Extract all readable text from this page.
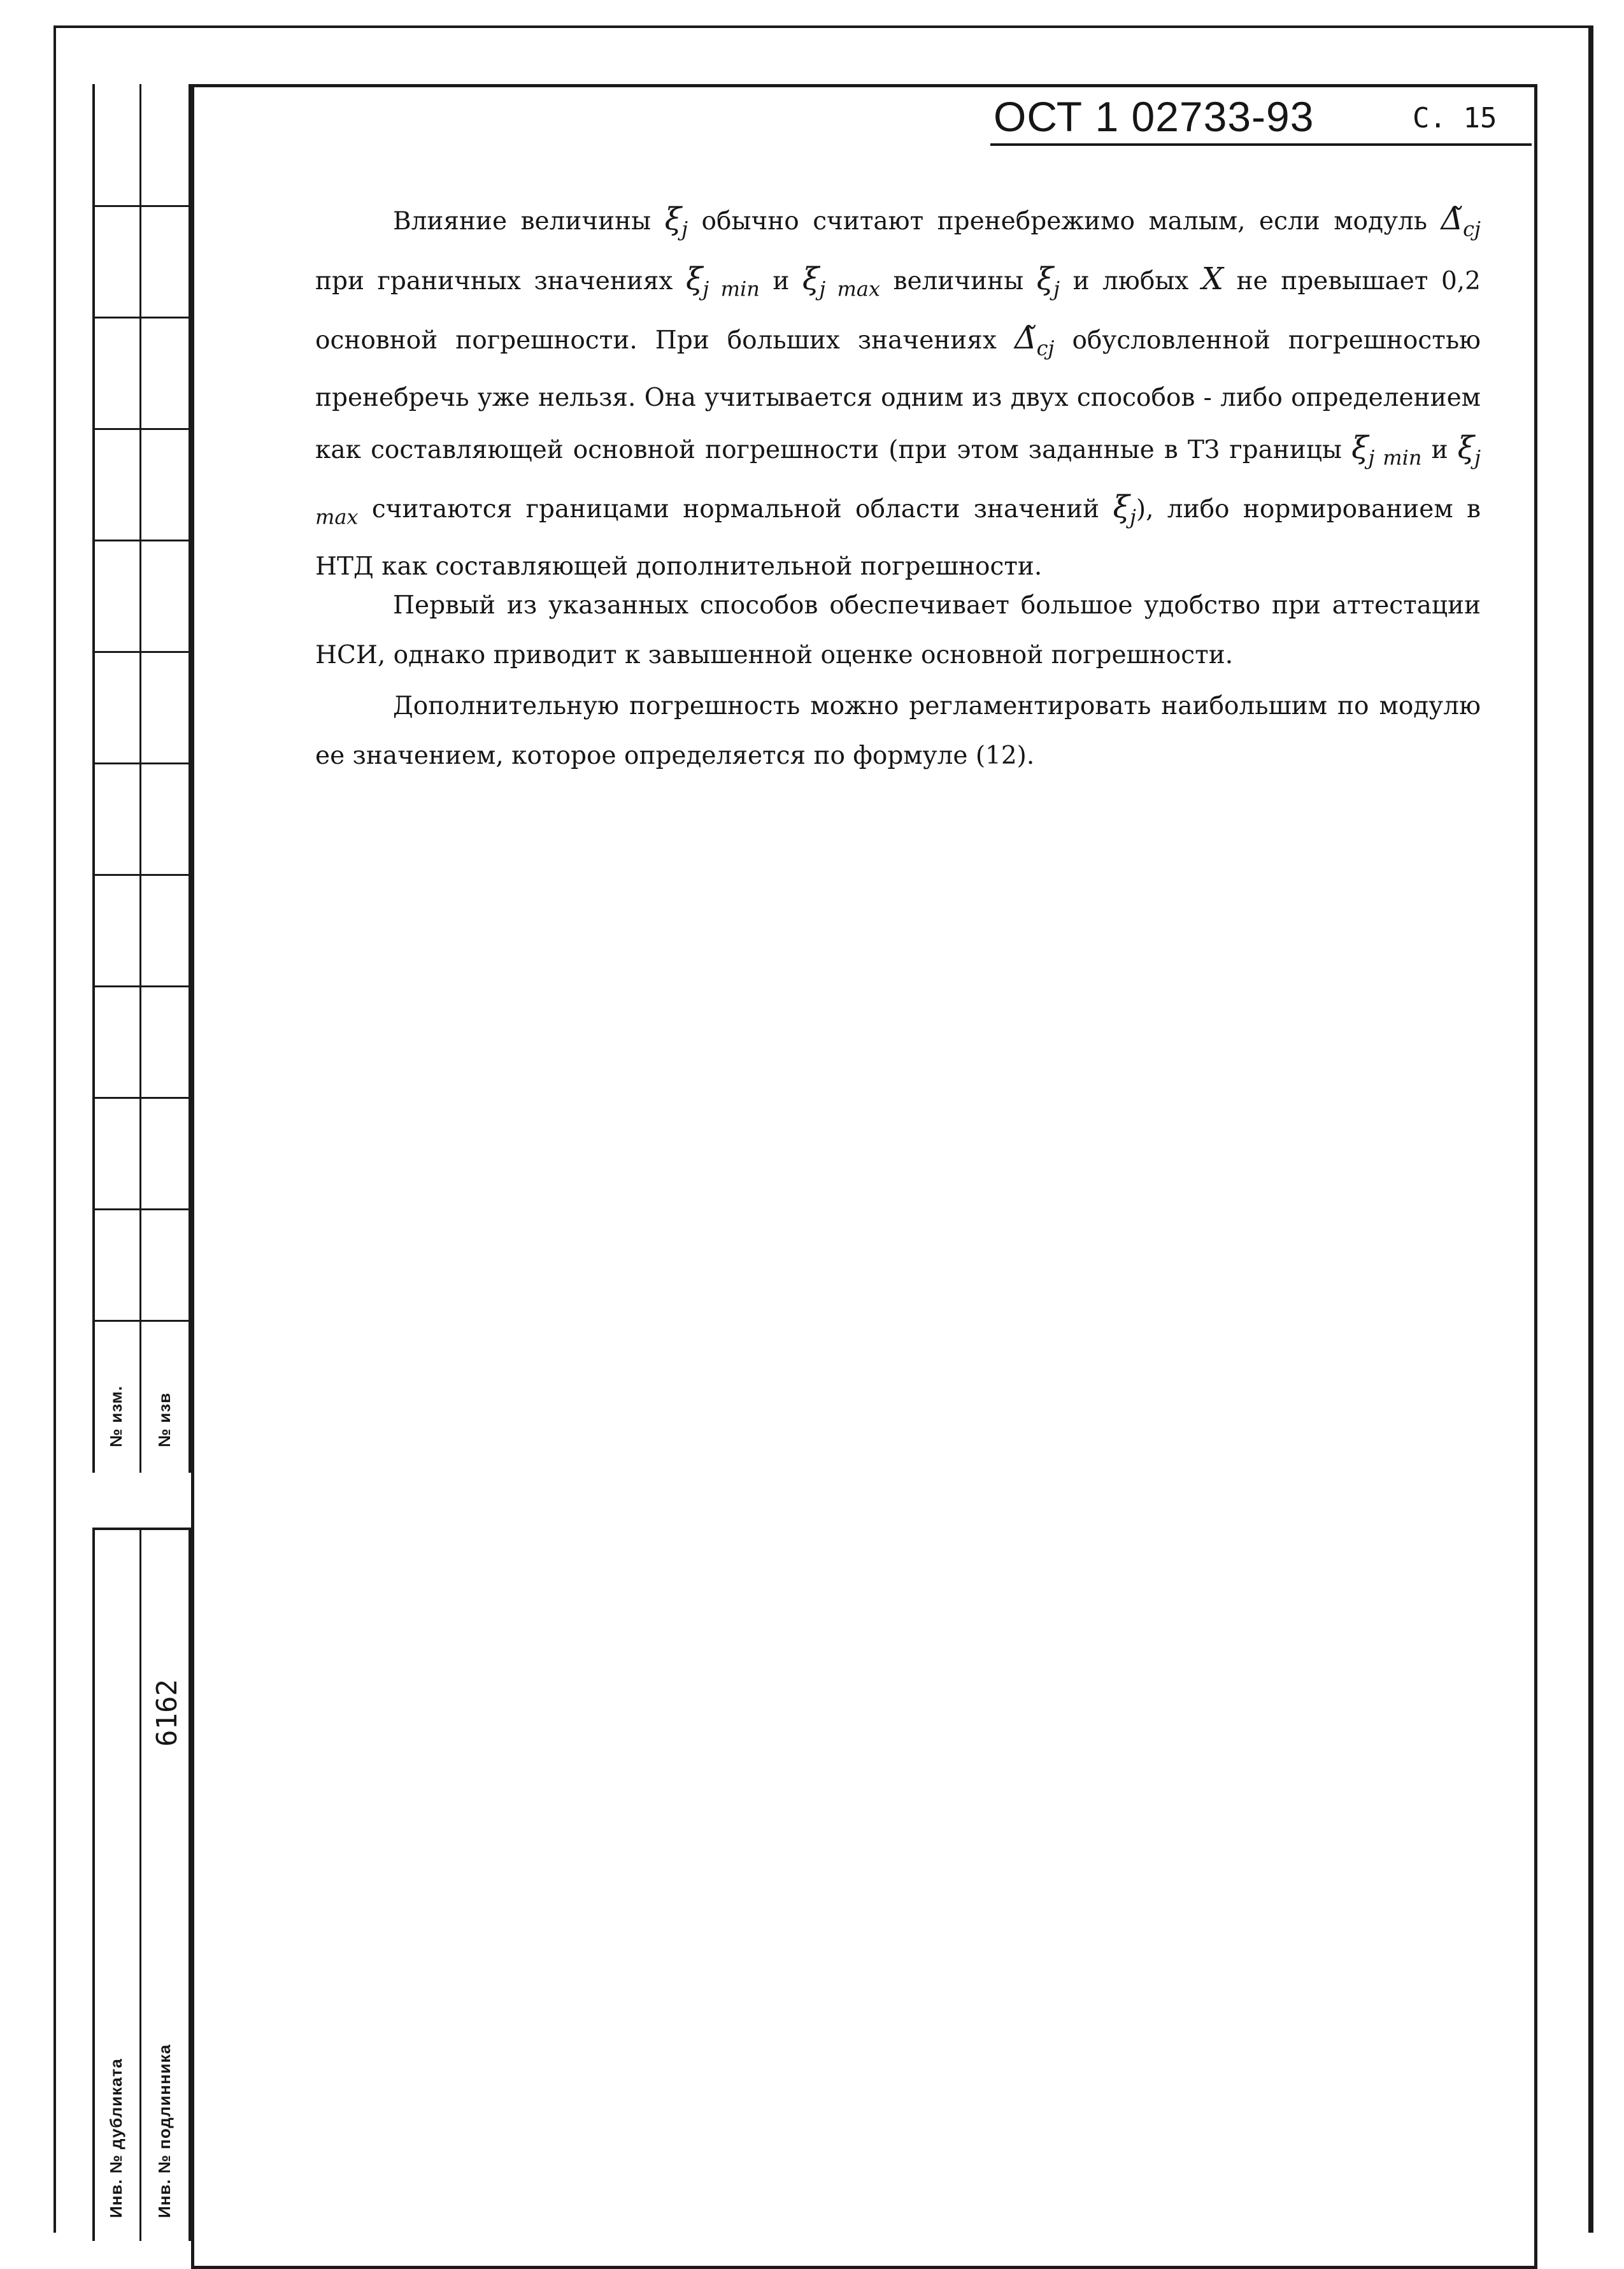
№ изм. № изв
Инв. № дубликата Инв. № подлинника
6162
ОСТ 1 02733-93	С. 15

Влияние величины $\xi_j$ обычно считают пренебрежимо малым, если модуль $\Deltã_{cj}$ при граничных значениях $\xi_{j min}$ и $\xi_{j max}$ величины $\xi_j$ и любых X не превышает 0,2 основной погрешности. При больших значениях $\Deltã_{cj}$ обусловленной погрешностью пренебречь уже нельзя. Она учитывается одним из двух способов - либо определением как составляющей основной погрешности (при этом заданные в ТЗ границы $\xi_{j min}$ и $\xi_{j max}$ считаются границами нормальной области значений $\xi_j$), либо нормированием в НТД как составляющей дополнительной погрешности.

Первый из указанных способов обеспечивает большое удобство при аттестации НСИ, однако приводит к завышенной оценке основной погрешности.

Дополнительную погрешность можно регламентировать наибольшим по модулю ее значением, которое определяется по формуле (12).
